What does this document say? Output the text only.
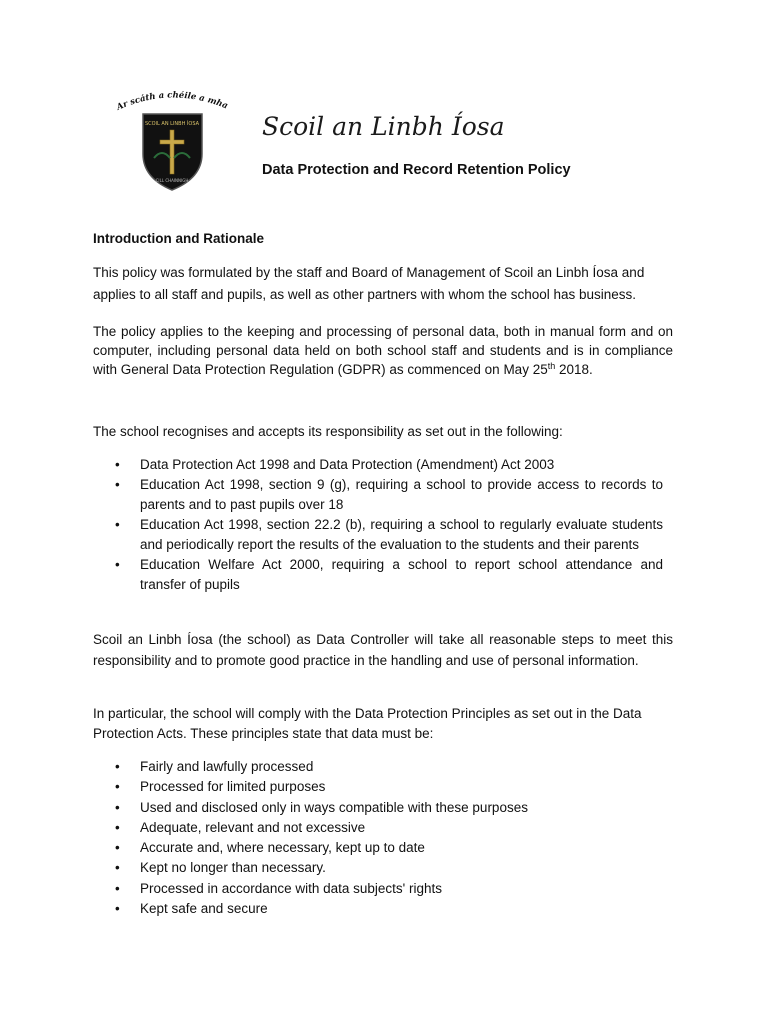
Ar scáth a chéile a mha
SCOIL AN LINBH ÍOSA
CILL CHAINNIGH
Scoil an Linbh Íosa
Data Protection and Record Retention Policy
Introduction and Rationale
This policy was formulated by the staff and Board of Management of Scoil an Linbh Íosa and applies to all staff and pupils, as well as other partners with whom the school has business.
The policy applies to the keeping and processing of personal data, both in manual form and on computer, including personal data held on both school staff and students and is in compliance with General Data Protection Regulation (GDPR) as commenced on May 25th 2018.
The school recognises and accepts its responsibility as set out in the following:
• Data Protection Act 1998 and Data Protection (Amendment) Act 2003
• Education Act 1998, section 9 (g), requiring a school to provide access to records to parents and to past pupils over 18
• Education Act 1998, section 22.2 (b), requiring a school to regularly evaluate students and periodically report the results of the evaluation to the students and their parents
• Education Welfare Act 2000, requiring a school to report school attendance and transfer of pupils
Scoil an Linbh Íosa (the school) as Data Controller will take all reasonable steps to meet this responsibility and to promote good practice in the handling and use of personal information.
In particular, the school will comply with the Data Protection Principles as set out in the Data Protection Acts. These principles state that data must be:
• Fairly and lawfully processed
• Processed for limited purposes
• Used and disclosed only in ways compatible with these purposes
• Adequate, relevant and not excessive
• Accurate and, where necessary, kept up to date
• Kept no longer than necessary.
• Processed in accordance with data subjects' rights
• Kept safe and secure
